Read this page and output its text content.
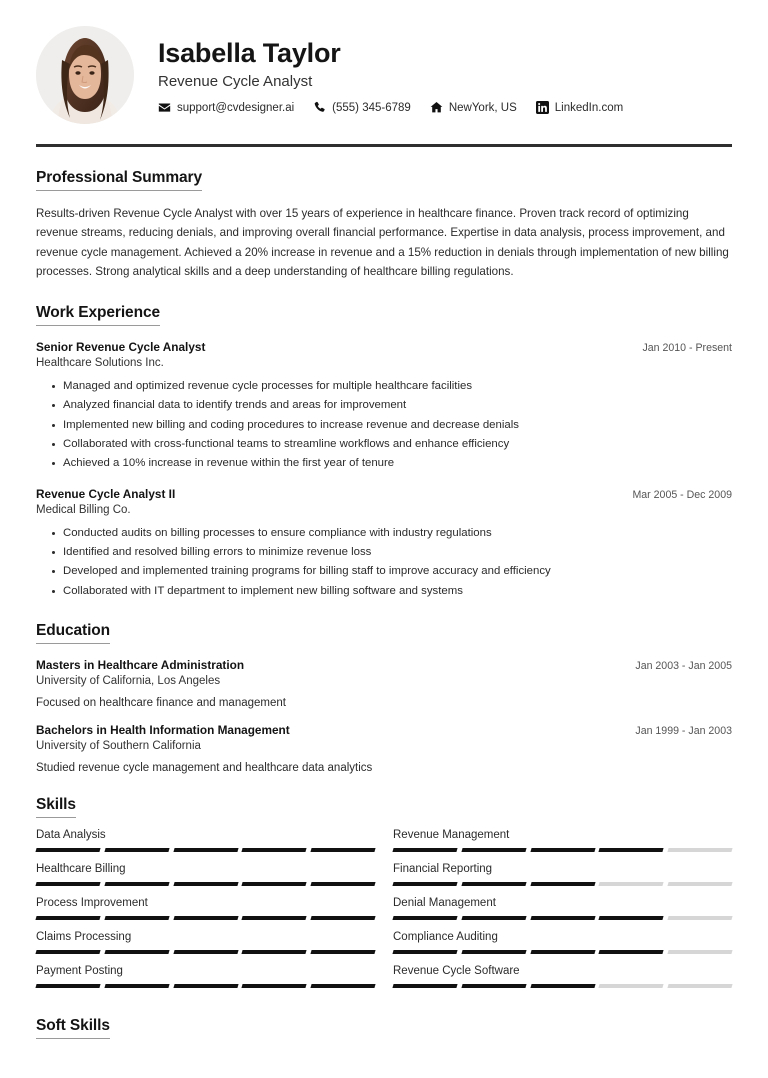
Isabella Taylor
Revenue Cycle Analyst
support@cvdesigner.ai	(555) 345-6789	NewYork, US	LinkedIn.com
Professional Summary
Results-driven Revenue Cycle Analyst with over 15 years of experience in healthcare finance. Proven track record of optimizing revenue streams, reducing denials, and improving overall financial performance. Expertise in data analysis, process improvement, and revenue cycle management. Achieved a 20% increase in revenue and a 15% reduction in denials through implementation of new billing processes. Strong analytical skills and a deep understanding of healthcare billing regulations.
Work Experience
Senior Revenue Cycle Analyst	Jan 2010 - Present
Healthcare Solutions Inc.
Managed and optimized revenue cycle processes for multiple healthcare facilities
Analyzed financial data to identify trends and areas for improvement
Implemented new billing and coding procedures to increase revenue and decrease denials
Collaborated with cross-functional teams to streamline workflows and enhance efficiency
Achieved a 10% increase in revenue within the first year of tenure
Revenue Cycle Analyst II	Mar 2005 - Dec 2009
Medical Billing Co.
Conducted audits on billing processes to ensure compliance with industry regulations
Identified and resolved billing errors to minimize revenue loss
Developed and implemented training programs for billing staff to improve accuracy and efficiency
Collaborated with IT department to implement new billing software and systems
Education
Masters in Healthcare Administration	Jan 2003 - Jan 2005
University of California, Los Angeles
Focused on healthcare finance and management
Bachelors in Health Information Management	Jan 1999 - Jan 2003
University of Southern California
Studied revenue cycle management and healthcare data analytics
Skills
Data Analysis	Revenue Management
Healthcare Billing	Financial Reporting
Process Improvement	Denial Management
Claims Processing	Compliance Auditing
Payment Posting	Revenue Cycle Software
Soft Skills
